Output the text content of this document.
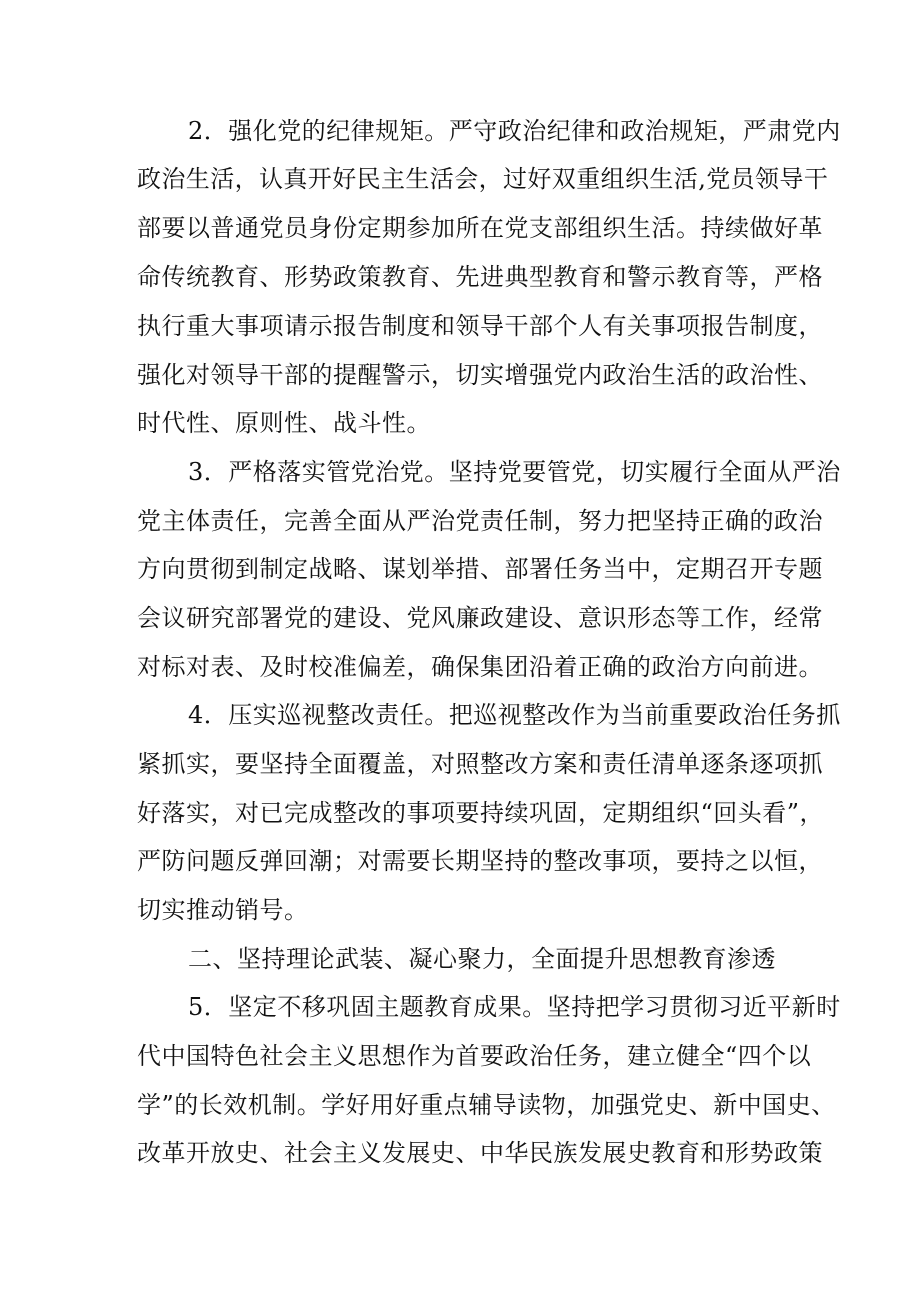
2．强化党的纪律规矩。严守政治纪律和政治规矩，严肃党内

政治生活，认真开好民主生活会，过好双重组织生活,党员领导干

部要以普通党员身份定期参加所在党支部组织生活。持续做好革

命传统教育、形势政策教育、先进典型教育和警示教育等，严格

执行重大事项请示报告制度和领导干部个人有关事项报告制度，

强化对领导干部的提醒警示，切实增强党内政治生活的政治性、

时代性、原则性、战斗性。

3．严格落实管党治党。坚持党要管党，切实履行全面从严治

党主体责任，完善全面从严治党责任制，努力把坚持正确的政治

方向贯彻到制定战略、谋划举措、部署任务当中，定期召开专题

会议研究部署党的建设、党风廉政建设、意识形态等工作，经常

对标对表、及时校准偏差，确保集团沿着正确的政治方向前进。

4．压实巡视整改责任。把巡视整改作为当前重要政治任务抓

紧抓实，要坚持全面覆盖，对照整改方案和责任清单逐条逐项抓

好落实，对已完成整改的事项要持续巩固，定期组织“回头看”，

严防问题反弹回潮；对需要长期坚持的整改事项，要持之以恒，

切实推动销号。

二、坚持理论武装、凝心聚力，全面提升思想教育渗透

5．坚定不移巩固主题教育成果。坚持把学习贯彻习近平新时

代中国特色社会主义思想作为首要政治任务，建立健全“四个以

学”的长效机制。学好用好重点辅导读物，加强党史、新中国史、

改革开放史、社会主义发展史、中华民族发展史教育和形势政策
